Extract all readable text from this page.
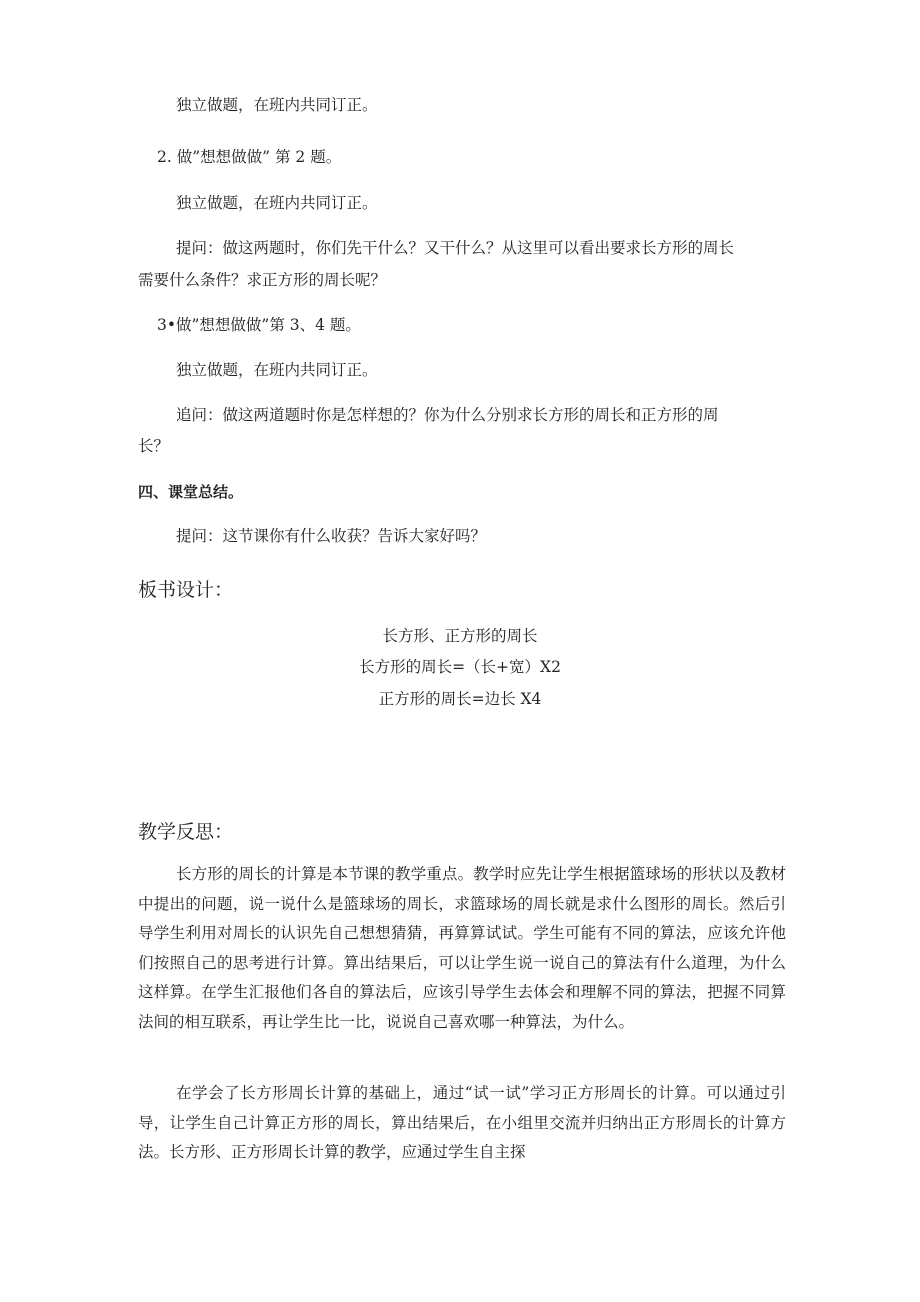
独立做题，在班内共同订正。
2. 做”想想做做” 第 2 题。
独立做题，在班内共同订正。
提问：做这两题时，你们先干什么？又干什么？从这里可以看出要求长方形的周长
需要什么条件？求正方形的周长呢？
3•做”想想做做”第 3、4 题。
独立做题，在班内共同订正。
追问：做这两道题时你是怎样想的？你为什么分别求长方形的周长和正方形的周
长？
四、课堂总结。
提问：这节课你有什么收获？告诉大家好吗？
板书设计：
长方形、正方形的周长
长方形的周长=（长+宽）X2
正方形的周长=边长 X4
教学反思：

长方形的周长的计算是本节课的教学重点。教学时应先让学生根据篮球场的形状以及教材中提出的问题，说一说什么是篮球场的周长，求篮球场的周长就是求什么图形的周长。然后引导学生利用对周长的认识先自己想想猜猜，再算算试试。学生可能有不同的算法，应该允许他们按照自己的思考进行计算。算出结果后，可以让学生说一说自己的算法有什么道理，为什么这样算。在学生汇报他们各自的算法后，应该引导学生去体会和理解不同的算法，把握不同算法间的相互联系，再让学生比一比，说说自己喜欢哪一种算法，为什么。

在学会了长方形周长计算的基础上，通过“试一试”学习正方形周长的计算。可以通过引导，让学生自己计算正方形的周长，算出结果后，在小组里交流并归纳出正方形周长的计算方法。长方形、正方形周长计算的教学，应通过学生自主探
